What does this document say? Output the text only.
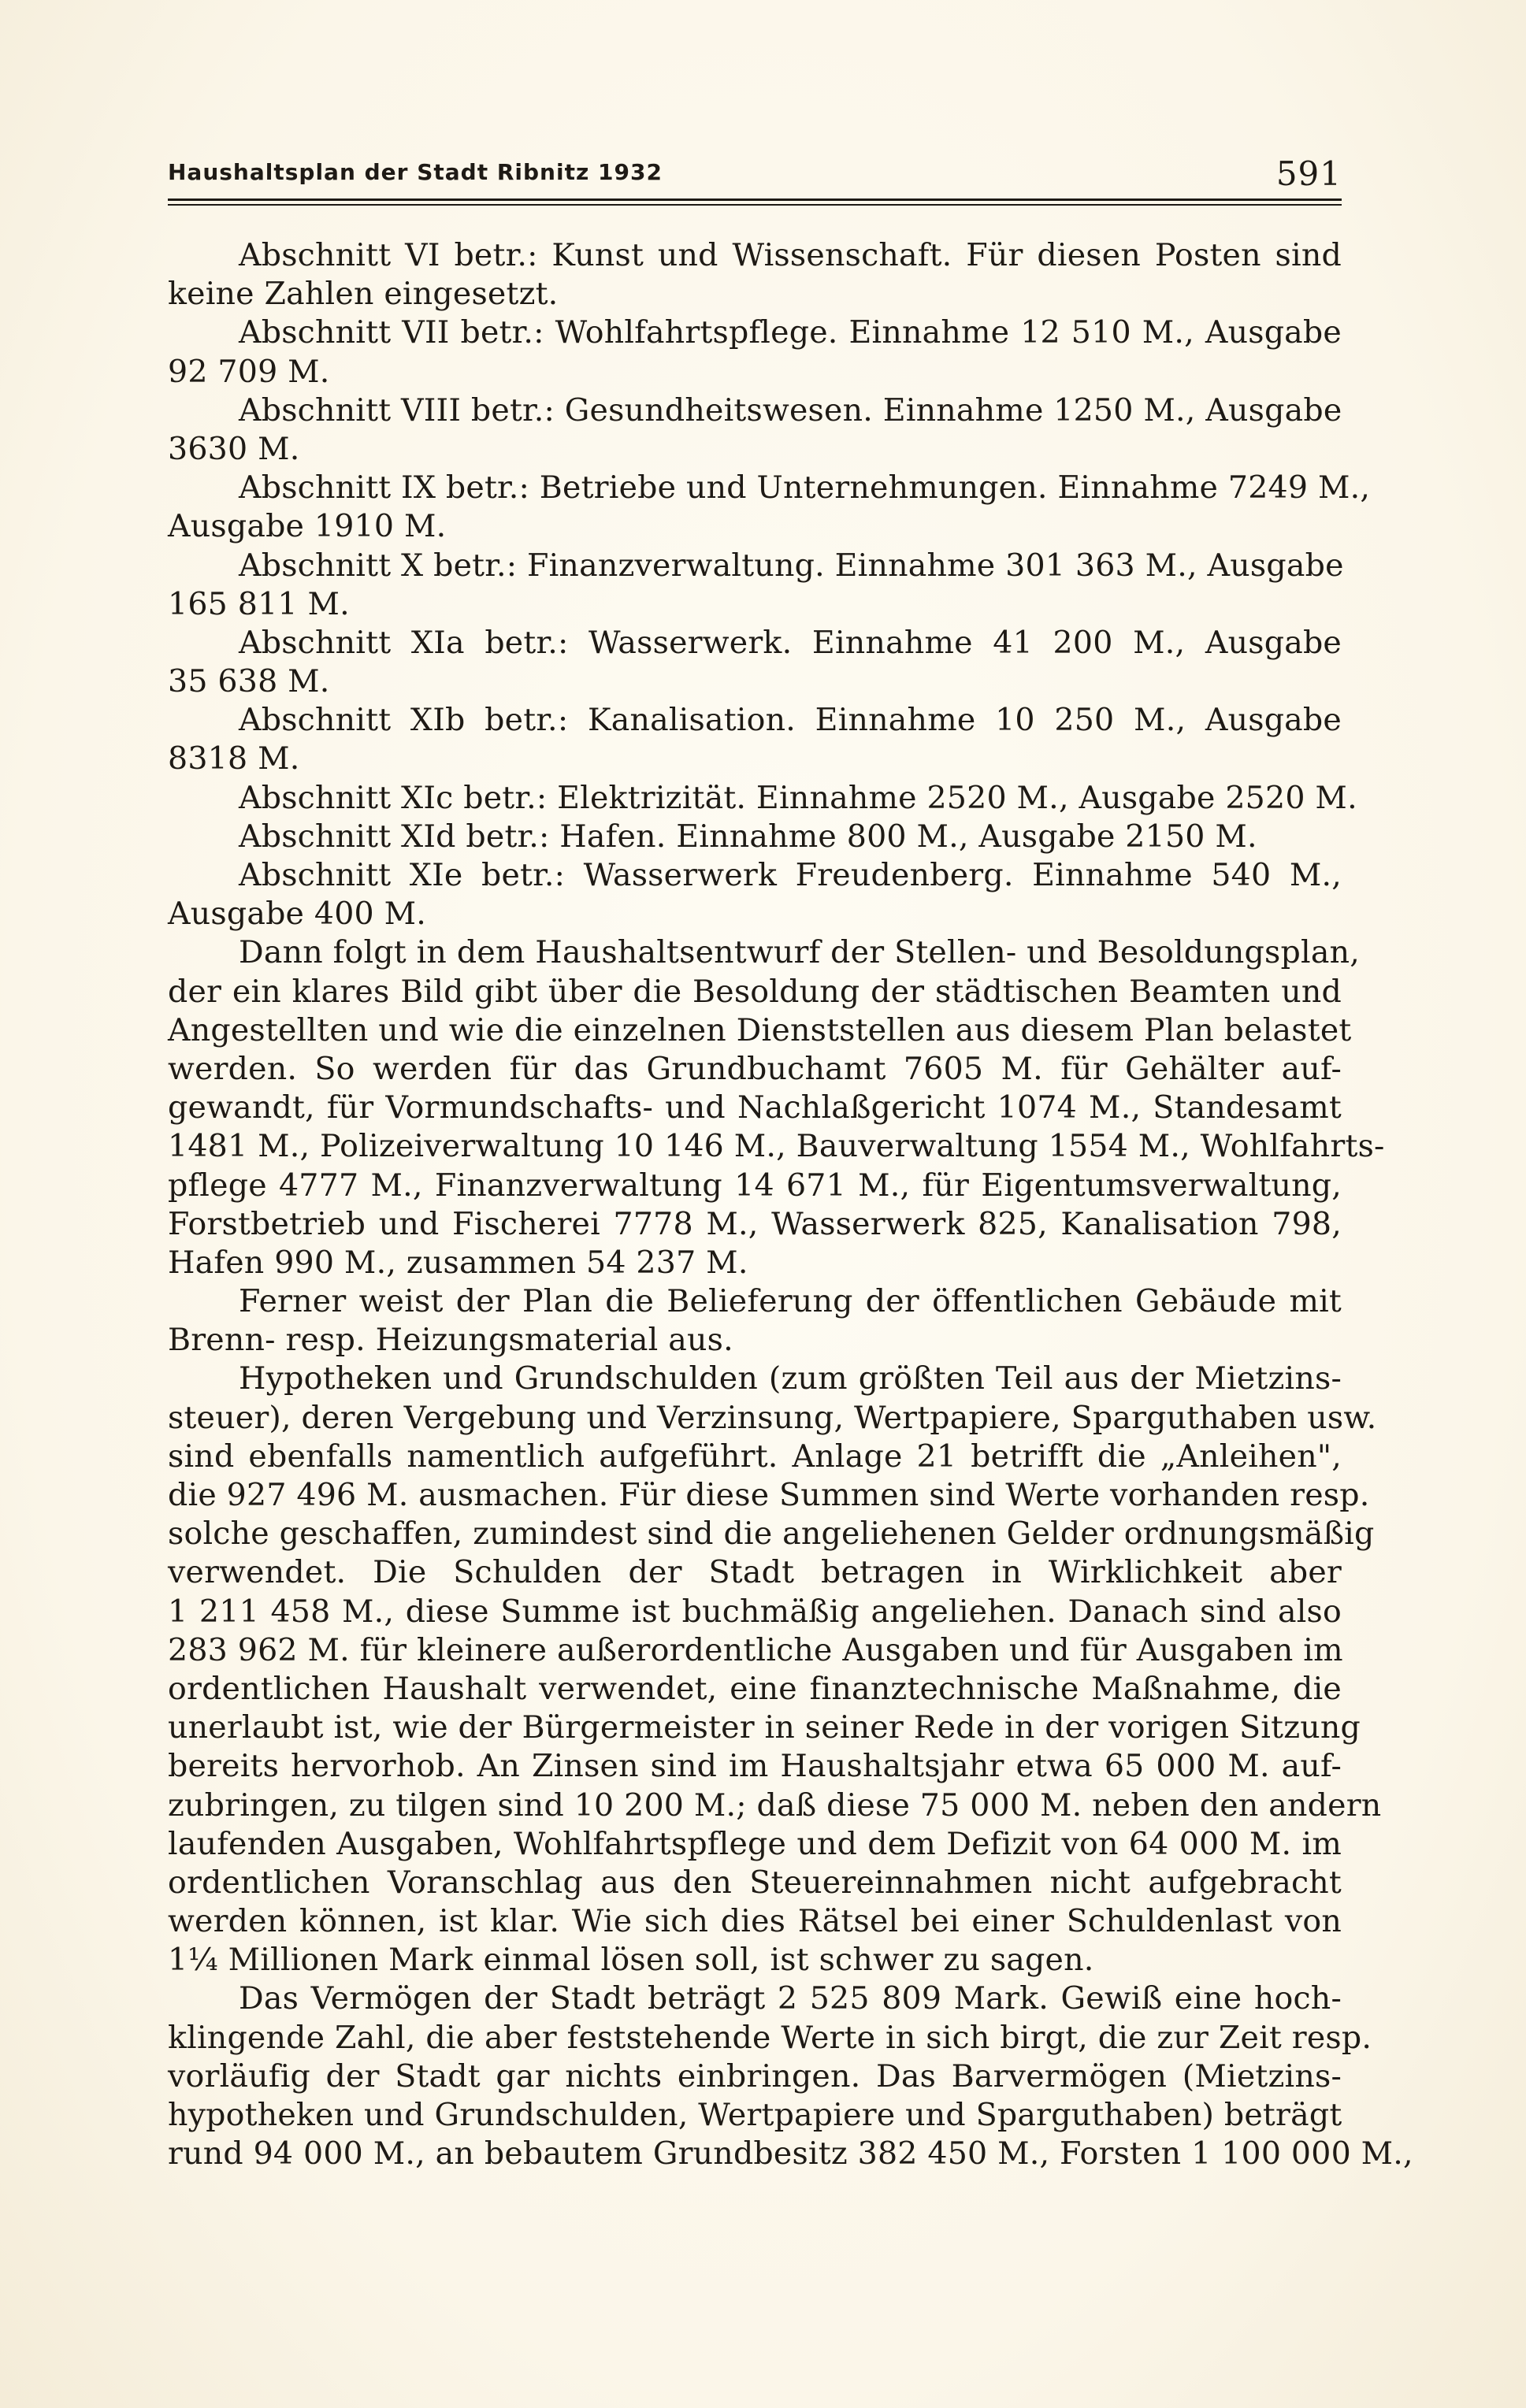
Haushaltsplan der Stadt Ribnitz 1932	591
Abschnitt VI betr.: Kunst und Wissenschaft. Für diesen Posten sind
keine Zahlen eingesetzt.
Abschnitt VII betr.: Wohlfahrtspflege. Einnahme 12 510 M., Ausgabe
92 709 M.
Abschnitt VIII betr.: Gesundheitswesen. Einnahme 1250 M., Ausgabe
3630 M.
Abschnitt IX betr.: Betriebe und Unternehmungen. Einnahme 7249 M.,
Ausgabe 1910 M.
Abschnitt X betr.: Finanzverwaltung. Einnahme 301 363 M., Ausgabe
165 811 M.
Abschnitt XIa betr.: Wasserwerk. Einnahme 41 200 M., Ausgabe
35 638 M.
Abschnitt XIb betr.: Kanalisation. Einnahme 10 250 M., Ausgabe
8318 M.
Abschnitt XIc betr.: Elektrizität. Einnahme 2520 M., Ausgabe 2520 M.
Abschnitt XId betr.: Hafen. Einnahme 800 M., Ausgabe 2150 M.
Abschnitt XIe betr.: Wasserwerk Freudenberg. Einnahme 540 M.,
Ausgabe 400 M.
Dann folgt in dem Haushaltsentwurf der Stellen- und Besoldungsplan,
der ein klares Bild gibt über die Besoldung der städtischen Beamten und
Angestellten und wie die einzelnen Dienststellen aus diesem Plan belastet
werden. So werden für das Grundbuchamt 7605 M. für Gehälter auf-
gewandt, für Vormundschafts- und Nachlaßgericht 1074 M., Standesamt
1481 M., Polizeiverwaltung 10 146 M., Bauverwaltung 1554 M., Wohlfahrts-
pflege 4777 M., Finanzverwaltung 14 671 M., für Eigentumsverwaltung,
Forstbetrieb und Fischerei 7778 M., Wasserwerk 825, Kanalisation 798,
Hafen 990 M., zusammen 54 237 M.
Ferner weist der Plan die Belieferung der öffentlichen Gebäude mit
Brenn- resp. Heizungsmaterial aus.
Hypotheken und Grundschulden (zum größten Teil aus der Mietzins-
steuer), deren Vergebung und Verzinsung, Wertpapiere, Sparguthaben usw.
sind ebenfalls namentlich aufgeführt. Anlage 21 betrifft die „Anleihen",
die 927 496 M. ausmachen. Für diese Summen sind Werte vorhanden resp.
solche geschaffen, zumindest sind die angeliehenen Gelder ordnungsmäßig
verwendet. Die Schulden der Stadt betragen in Wirklichkeit aber
1 211 458 M., diese Summe ist buchmäßig angeliehen. Danach sind also
283 962 M. für kleinere außerordentliche Ausgaben und für Ausgaben im
ordentlichen Haushalt verwendet, eine finanztechnische Maßnahme, die
unerlaubt ist, wie der Bürgermeister in seiner Rede in der vorigen Sitzung
bereits hervorhob. An Zinsen sind im Haushaltsjahr etwa 65 000 M. auf-
zubringen, zu tilgen sind 10 200 M.; daß diese 75 000 M. neben den andern
laufenden Ausgaben, Wohlfahrtspflege und dem Defizit von 64 000 M. im
ordentlichen Voranschlag aus den Steuereinnahmen nicht aufgebracht
werden können, ist klar. Wie sich dies Rätsel bei einer Schuldenlast von
1¼ Millionen Mark einmal lösen soll, ist schwer zu sagen.
Das Vermögen der Stadt beträgt 2 525 809 Mark. Gewiß eine hoch-
klingende Zahl, die aber feststehende Werte in sich birgt, die zur Zeit resp.
vorläufig der Stadt gar nichts einbringen. Das Barvermögen (Mietzins-
hypotheken und Grundschulden, Wertpapiere und Sparguthaben) beträgt
rund 94 000 M., an bebautem Grundbesitz 382 450 M., Forsten 1 100 000 M.,
